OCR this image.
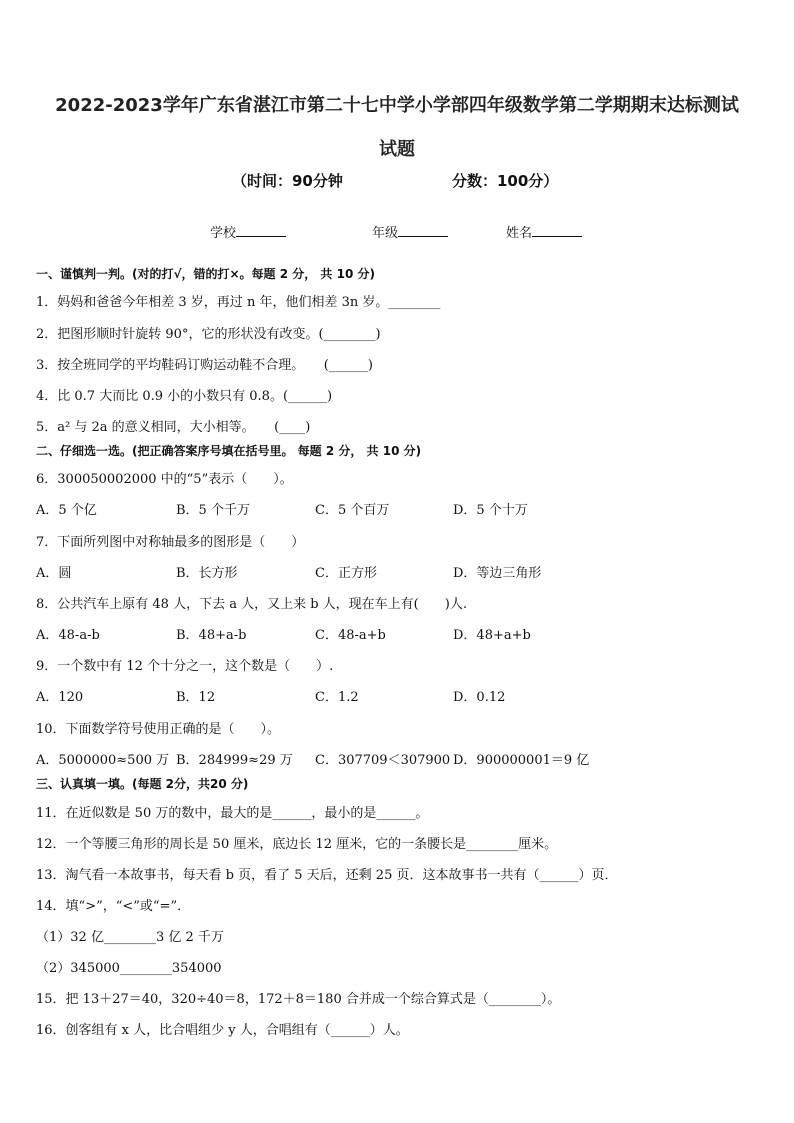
2022-2023学年广东省湛江市第二十七中学小学部四年级数学第二学期期末达标测试
试题
（时间：90分钟	分数：100分）
学校	年级	姓名
一、谨慎判一判。(对的打√，错的打×。每题 2 分， 共 10 分)
1．妈妈和爸爸今年相差 3 岁，再过 n 年，他们相差 3n 岁。________
2．把图形顺时针旋转 90°，它的形状没有改变。(________)
3．按全班同学的平均鞋码订购运动鞋不合理。　　(______)
4．比 0.7 大而比 0.9 小的小数只有 0.8。(______)
5．a² 与 2a 的意义相同，大小相等。　　(____)
二、仔细选一选。(把正确答案序号填在括号里。 每题 2 分， 共 10 分)
6．300050002000 中的“5”表示（　　）。
A．5 个亿	B．5 个千万	C．5 个百万	D．5 个十万
7．下面所列图中对称轴最多的图形是（　　）
A．圆	B．长方形	C．正方形	D．等边三角形
8．公共汽车上原有 48 人，下去 a 人，又上来 b 人，现在车上有(　　)人.
A．48-a-b	B．48+a-b	C．48-a+b	D．48+a+b
9．一个数中有 12 个十分之一，这个数是（　　）.
A．120	B．12	C．1.2	D．0.12
10．下面数学符号使用正确的是（　　）。
A．5000000≈500 万 B．284999≈29 万 C．307709＜307900 D．900000001＝9 亿
三、认真填一填。(每题 2分，共20 分)
11．在近似数是 50 万的数中，最大的是______，最小的是______。
12．一个等腰三角形的周长是 50 厘米，底边长 12 厘米，它的一条腰长是________厘米。
13．淘气看一本故事书，每天看 b 页，看了 5 天后，还剩 25 页．这本故事书一共有（______）页．
14．填“>”，“<”或“=”．
（1）32 亿________3 亿 2 千万
（2）345000________354000
15．把 13＋27＝40，320÷40＝8，172＋8＝180 合并成一个综合算式是（________）。
16．创客组有 x 人，比合唱组少 y 人，合唱组有（______）人。
